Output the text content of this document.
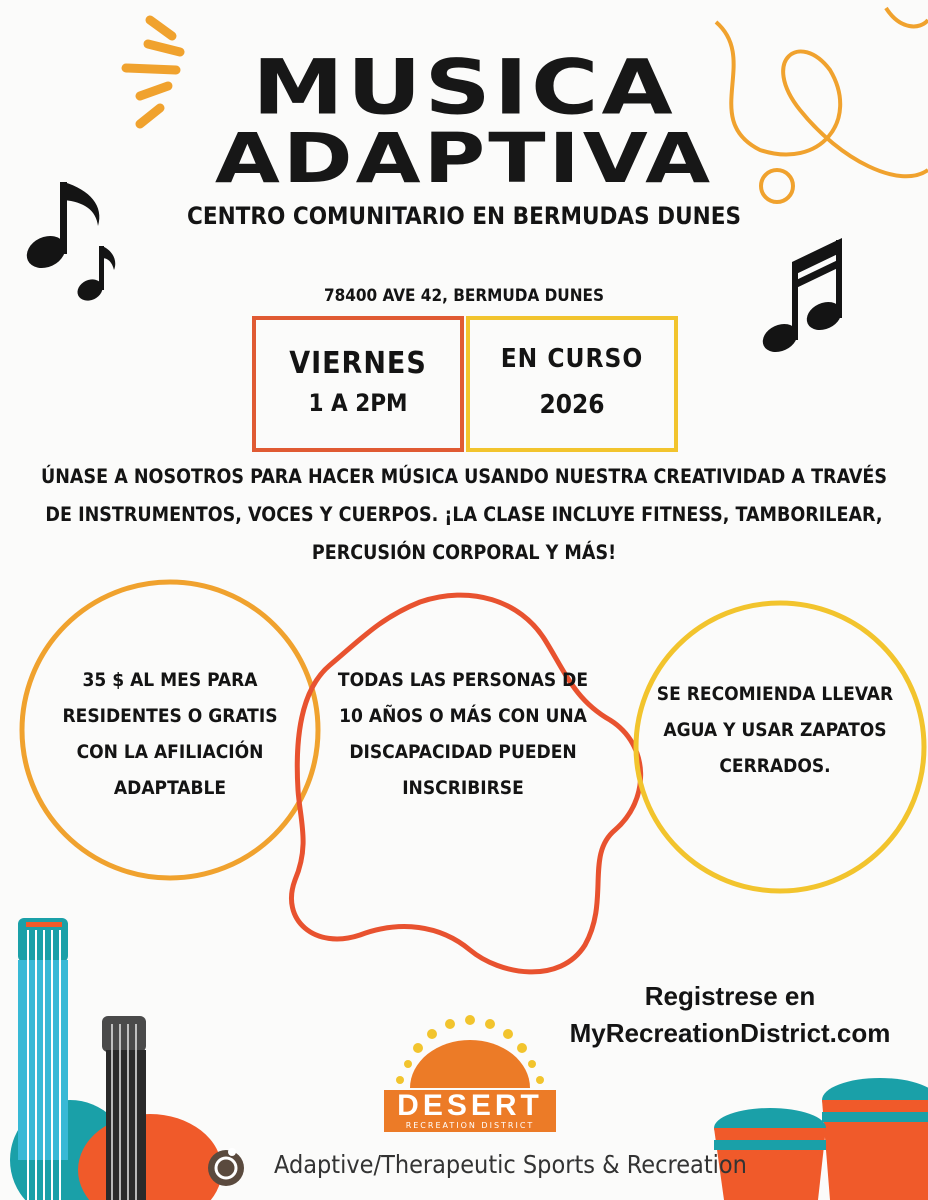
MUSICA
ADAPTIVA
CENTRO COMUNITARIO EN BERMUDAS DUNES
78400 AVE 42, BERMUDA DUNES
VIERNES
1 A 2PM
EN CURSO
2026
ÚNASE A NOSOTROS PARA HACER MÚSICA USANDO NUESTRA CREATIVIDAD A TRAVÉS DE INSTRUMENTOS, VOCES Y CUERPOS. ¡LA CLASE INCLUYE FITNESS, TAMBORILEAR, PERCUSIÓN CORPORAL Y MÁS!
35 $ AL MES PARA RESIDENTES O GRATIS CON LA AFILIACIÓN ADAPTABLE
TODAS LAS PERSONAS DE 10 AÑOS O MÁS CON UNA DISCAPACIDAD PUEDEN INSCRIBIRSE
SE RECOMIENDA LLEVAR AGUA Y USAR ZAPATOS CERRADOS.
Registrese en
MyRecreationDistrict.com
DESERT
RECREATION DISTRICT
Adaptive/Therapeutic Sports & Recreation
